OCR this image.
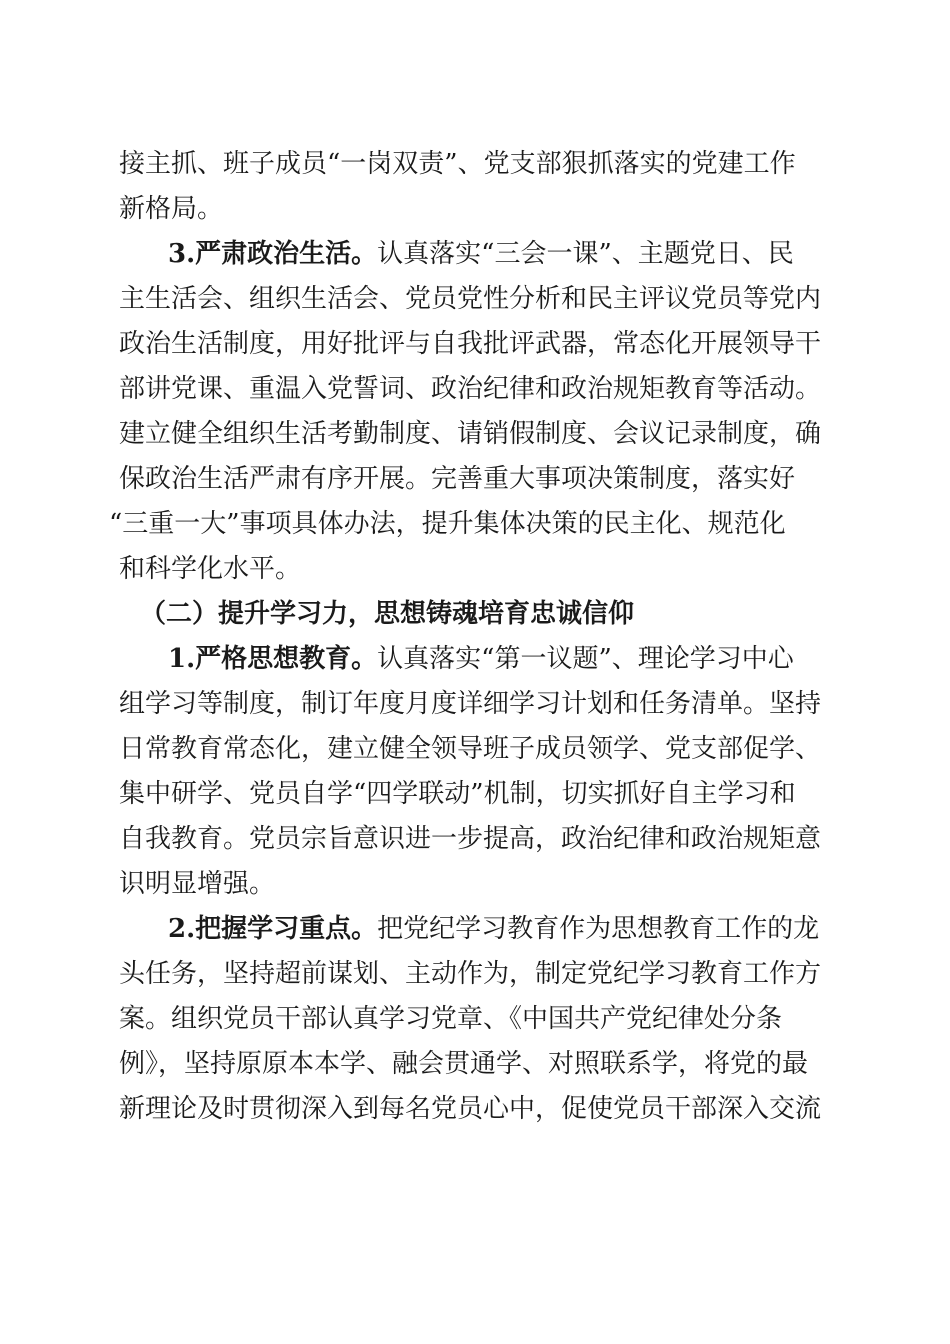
接主抓、班子成员“一岗双责”、党支部狠抓落实的党建工作
新格局。
3.严肃政治生活。认真落实“三会一课”、主题党日、民
主生活会、组织生活会、党员党性分析和民主评议党员等党内
政治生活制度，用好批评与自我批评武器，常态化开展领导干
部讲党课、重温入党誓词、政治纪律和政治规矩教育等活动。
建立健全组织生活考勤制度、请销假制度、会议记录制度，确
保政治生活严肃有序开展。完善重大事项决策制度，落实好
“三重一大”事项具体办法，提升集体决策的民主化、规范化
和科学化水平。
（二）提升学习力，思想铸魂培育忠诚信仰
1.严格思想教育。认真落实“第一议题”、理论学习中心
组学习等制度，制订年度月度详细学习计划和任务清单。坚持
日常教育常态化，建立健全领导班子成员领学、党支部促学、
集中研学、党员自学“四学联动”机制，切实抓好自主学习和
自我教育。党员宗旨意识进一步提高，政治纪律和政治规矩意
识明显增强。
2.把握学习重点。把党纪学习教育作为思想教育工作的龙
头任务，坚持超前谋划、主动作为，制定党纪学习教育工作方
案。组织党员干部认真学习党章、《中国共产党纪律处分条
例》，坚持原原本本学、融会贯通学、对照联系学，将党的最
新理论及时贯彻深入到每名党员心中，促使党员干部深入交流
